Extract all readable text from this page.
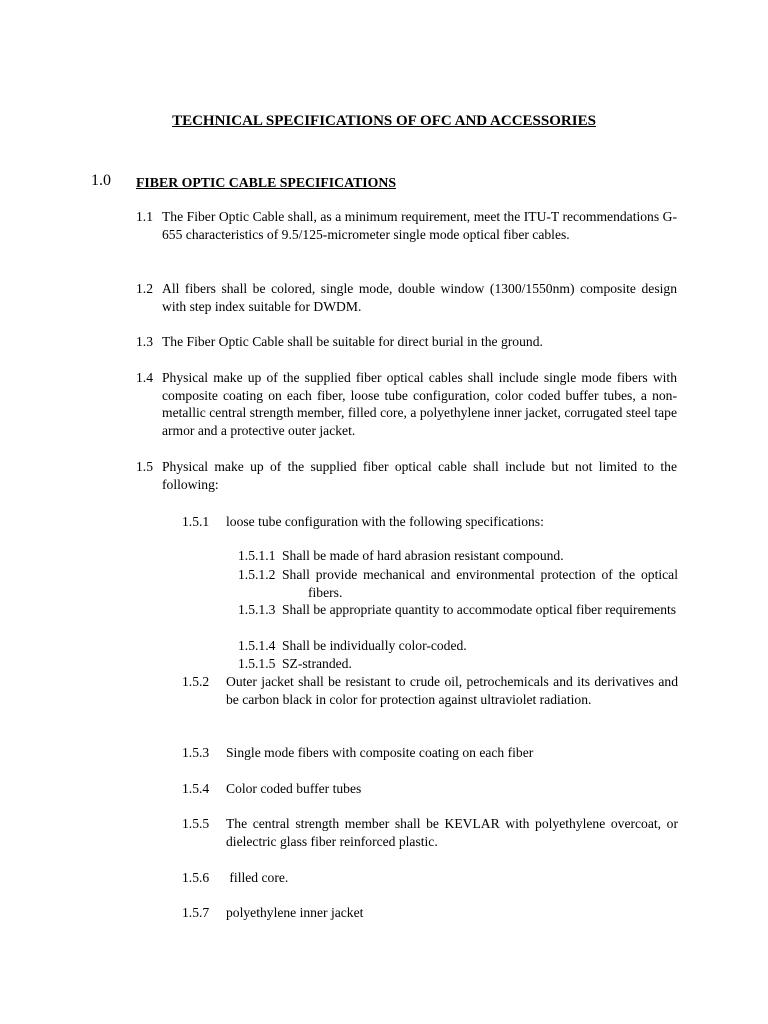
TECHNICAL SPECIFICATIONS OF OFC AND ACCESSORIES
1.0 FIBER OPTIC CABLE SPECIFICATIONS
1.1 The Fiber Optic Cable shall, as a minimum requirement, meet the ITU-T recommendations G-655 characteristics of 9.5/125-micrometer single mode optical fiber cables.
1.2 All fibers shall be colored, single mode, double window (1300/1550nm) composite design with step index suitable for DWDM.
1.3 The Fiber Optic Cable shall be suitable for direct burial in the ground.
1.4 Physical make up of the supplied fiber optical cables shall include single mode fibers with composite coating on each fiber, loose tube configuration, color coded buffer tubes, a non-metallic central strength member, filled core, a polyethylene inner jacket, corrugated steel tape armor and a protective outer jacket.
1.5 Physical make up of the supplied fiber optical cable shall include but not limited to the following:
1.5.1 loose tube configuration with the following specifications:
1.5.1.1 Shall be made of hard abrasion resistant compound.
1.5.1.2 Shall provide mechanical and environmental protection of the optical fibers.
1.5.1.3 Shall be appropriate quantity to accommodate optical fiber requirements
1.5.1.4 Shall be individually color-coded.
1.5.1.5 SZ-stranded.
1.5.2 Outer jacket shall be resistant to crude oil, petrochemicals and its derivatives and be carbon black in color for protection against ultraviolet radiation.
1.5.3 Single mode fibers with composite coating on each fiber
1.5.4 Color coded buffer tubes
1.5.5 The central strength member shall be KEVLAR with polyethylene overcoat, or dielectric glass fiber reinforced plastic.
1.5.6 filled core.
1.5.7 polyethylene inner jacket
